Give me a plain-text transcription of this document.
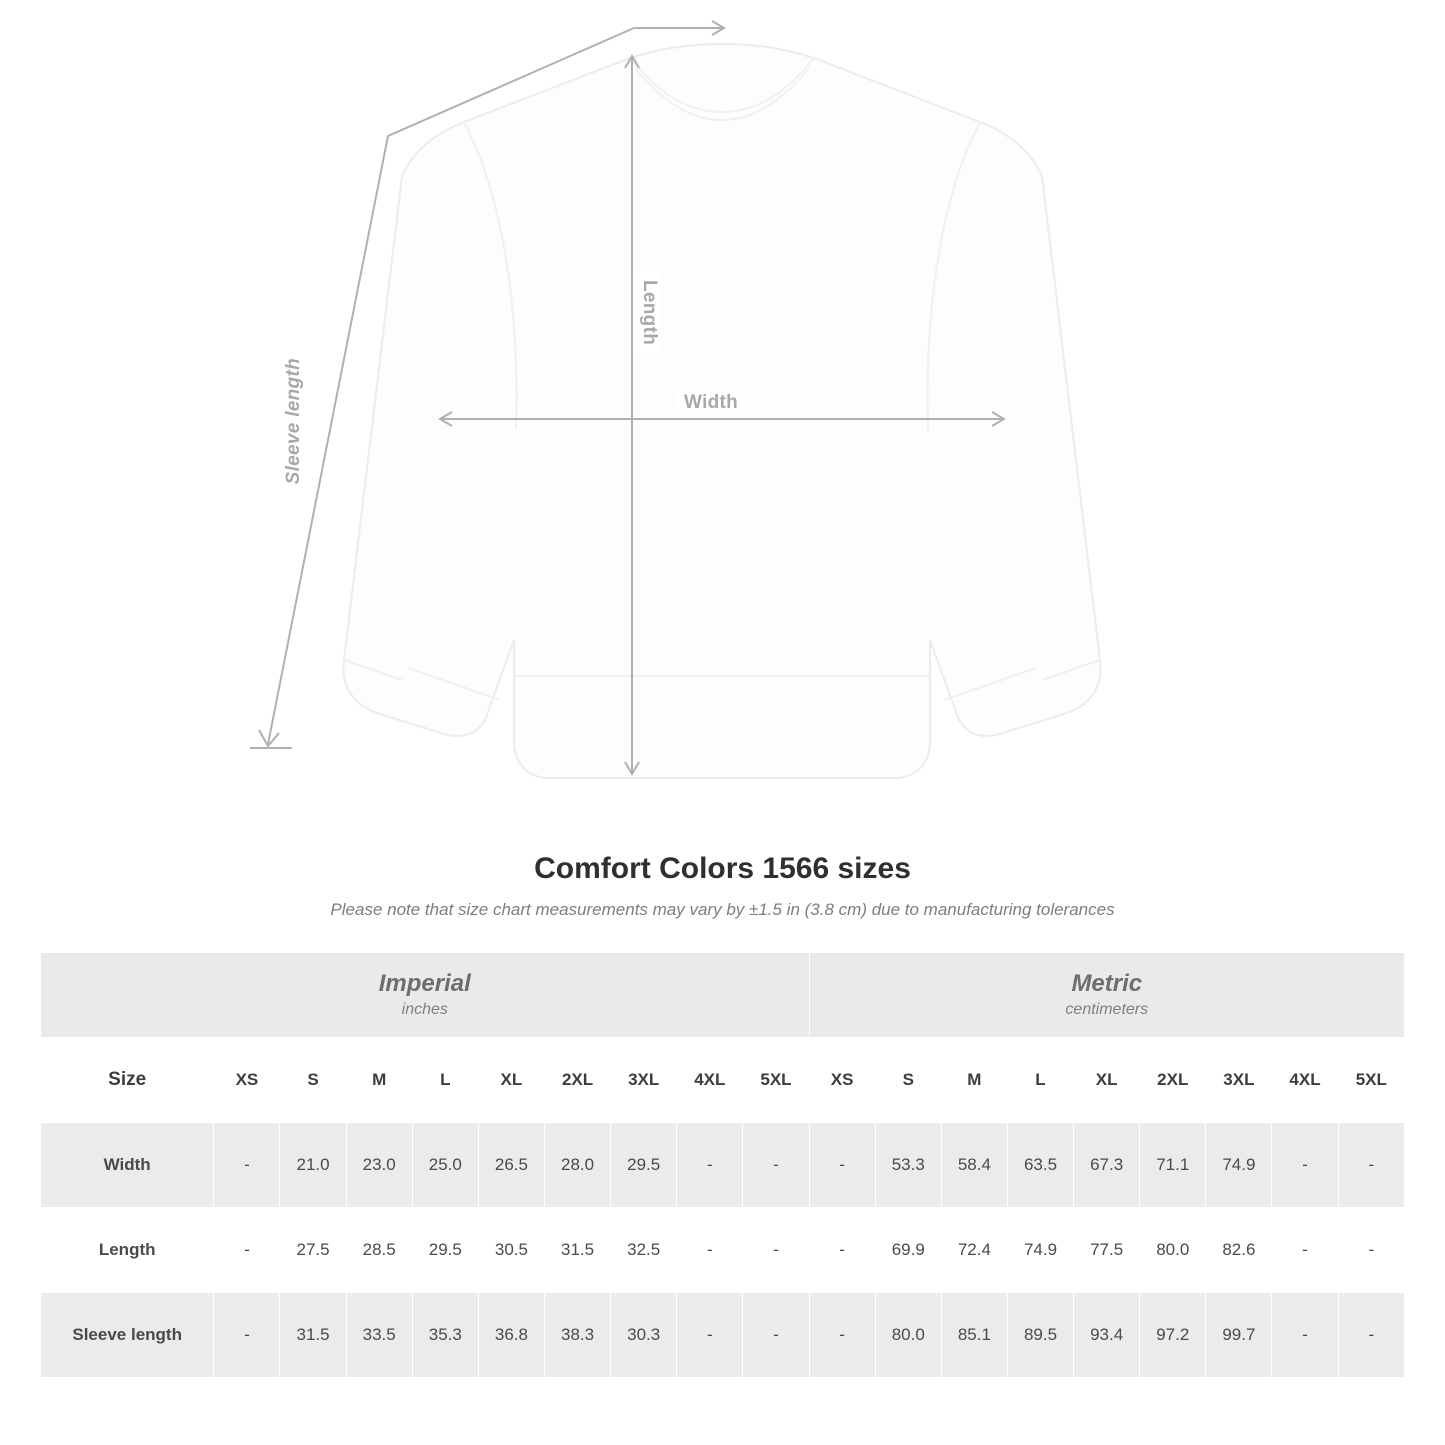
Width
Length
Sleeve length
Comfort Colors 1566 sizes

Please note that size chart measurements may vary by ±1.5 in (3.8 cm) due to manufacturing tolerances

Imperial
inches

Metric
centimeters

Size	XS	S	M	L	XL	2XL	3XL	4XL	5XL	XS	S	M	L	XL	2XL	3XL	4XL	5XL
Width	-	21.0	23.0	25.0	26.5	28.0	29.5	-	-	-	53.3	58.4	63.5	67.3	71.1	74.9	-	-
Length	-	27.5	28.5	29.5	30.5	31.5	32.5	-	-	-	69.9	72.4	74.9	77.5	80.0	82.6	-	-
Sleeve length	-	31.5	33.5	35.3	36.8	38.3	30.3	-	-	-	80.0	85.1	89.5	93.4	97.2	99.7	-	-
